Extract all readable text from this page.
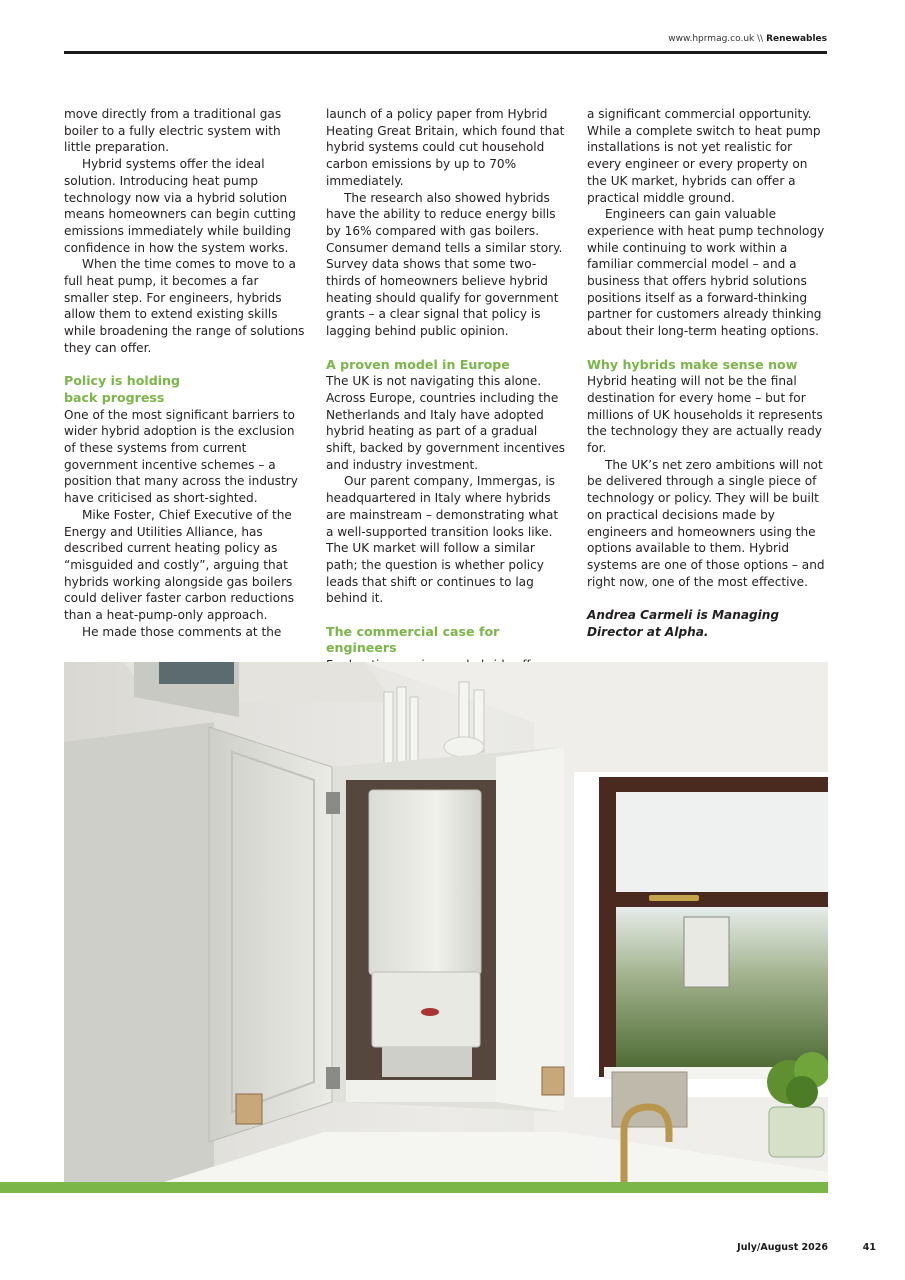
www.hprmag.co.uk \\ Renewables

move directly from a traditional gas boiler to a fully electric system with little preparation.

Hybrid systems offer the ideal solution. Introducing heat pump technology now via a hybrid solution means homeowners can begin cutting emissions immediately while building confidence in how the system works.

When the time comes to move to a full heat pump, it becomes a far smaller step. For engineers, hybrids allow them to extend existing skills while broadening the range of solutions they can offer.

Policy is holding back progress

One of the most significant barriers to wider hybrid adoption is the exclusion of these systems from current government incentive schemes – a position that many across the industry have criticised as short-sighted.

Mike Foster, Chief Executive of the Energy and Utilities Alliance, has described current heating policy as “misguided and costly”, arguing that hybrids working alongside gas boilers could deliver faster carbon reductions than a heat-pump-only approach.

He made those comments at the

launch of a policy paper from Hybrid Heating Great Britain, which found that hybrid systems could cut household carbon emissions by up to 70% immediately.

The research also showed hybrids have the ability to reduce energy bills by 16% compared with gas boilers. Consumer demand tells a similar story. Survey data shows that some two-thirds of homeowners believe hybrid heating should qualify for government grants – a clear signal that policy is lagging behind public opinion.

A proven model in Europe

The UK is not navigating this alone. Across Europe, countries including the Netherlands and Italy have adopted hybrid heating as part of a gradual shift, backed by government incentives and industry investment.

Our parent company, Immergas, is headquartered in Italy where hybrids are mainstream – demonstrating what a well-supported transition looks like. The UK market will follow a similar path; the question is whether policy leads that shift or continues to lag behind it.

The commercial case for engineers

a significant commercial opportunity. While a complete switch to heat pump installations is not yet realistic for every engineer or every property on the UK market, hybrids can offer a practical middle ground.

Engineers can gain valuable experience with heat pump technology while continuing to work within a familiar commercial model – and a business that offers hybrid solutions positions itself as a forward-thinking partner for customers already thinking about their long-term heating options.

Why hybrids make sense now

Hybrid heating will not be the final destination for every home – but for millions of UK households it represents the technology they are actually ready for.

The UK’s net zero ambitions will not be delivered through a single piece of technology or policy. They will be built on practical decisions made by engineers and homeowners using the options available to them. Hybrid systems are one of those options – and right now, one of the most effective.

Andrea Carmeli is Managing Director at Alpha.

July/August 2026	41
